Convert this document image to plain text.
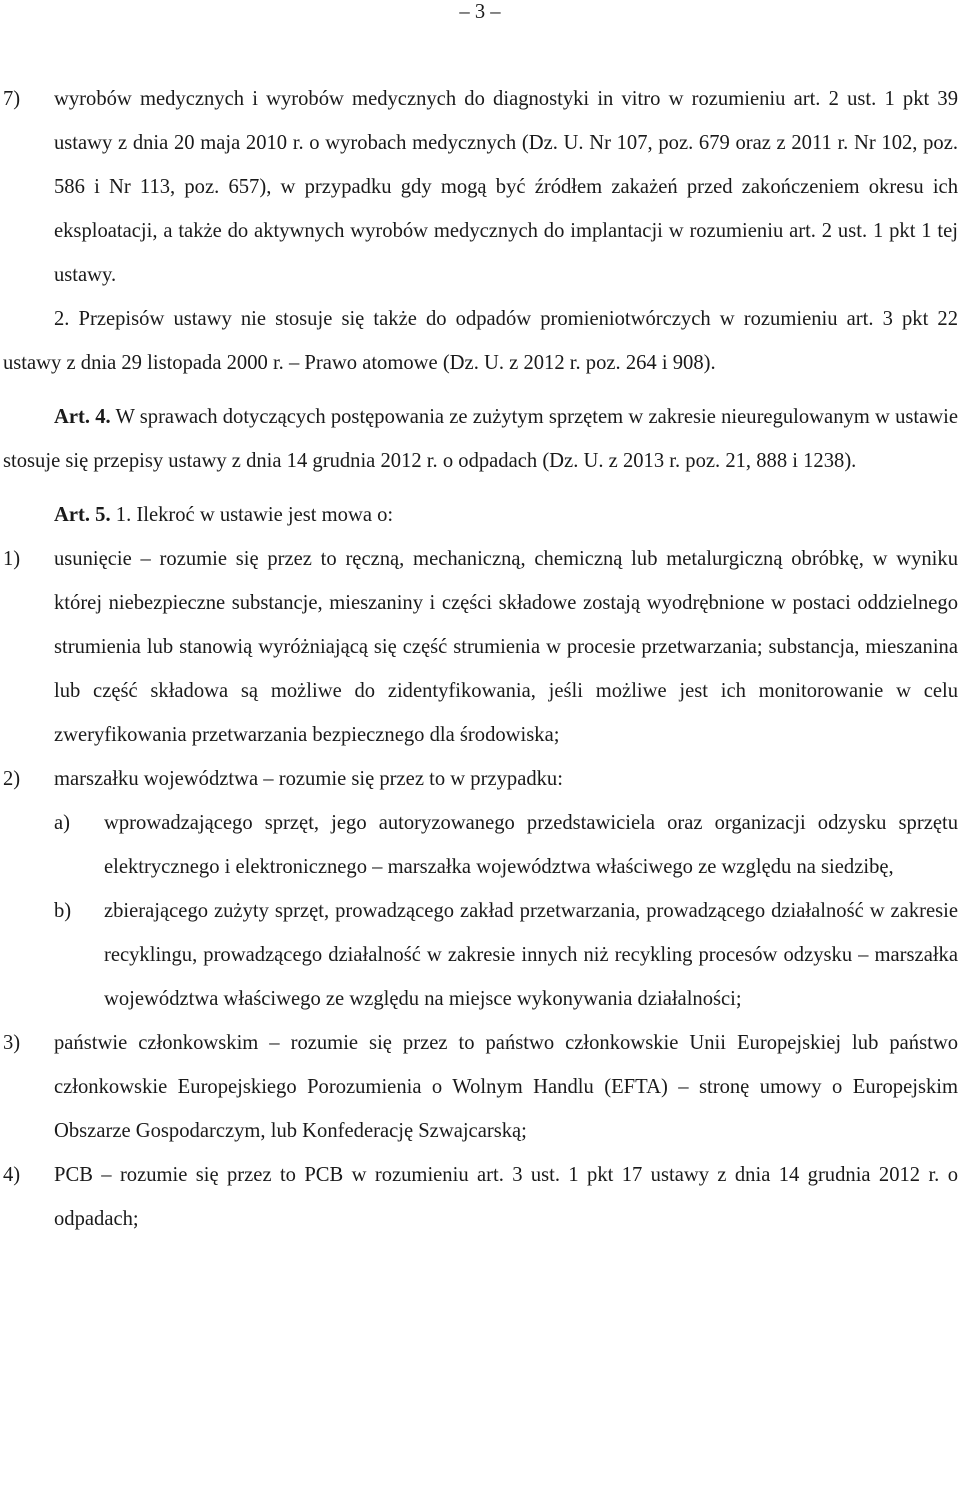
– 3 –
7)	wyrobów medycznych i wyrobów medycznych do diagnostyki in vitro w rozumieniu art. 2 ust. 1 pkt 39 ustawy z dnia 20 maja 2010 r. o wyrobach medycznych (Dz. U. Nr 107, poz. 679 oraz z 2011 r. Nr 102, poz. 586 i Nr 113, poz. 657), w przypadku gdy mogą być źródłem zakażeń przed zakończeniem okresu ich eksploatacji, a także do aktywnych wyrobów medycznych do implantacji w rozumieniu art. 2 ust. 1 pkt 1 tej ustawy.

2. Przepisów ustawy nie stosuje się także do odpadów promieniotwórczych w rozumieniu art. 3 pkt 22 ustawy z dnia 29 listopada 2000 r. – Prawo atomowe (Dz. U. z 2012 r. poz. 264 i 908).

Art. 4. W sprawach dotyczących postępowania ze zużytym sprzętem w zakresie nieuregulowanym w ustawie stosuje się przepisy ustawy z dnia 14 grudnia 2012 r. o odpadach (Dz. U. z 2013 r. poz. 21, 888 i 1238).

Art. 5. 1. Ilekroć w ustawie jest mowa o:

1)	usunięcie – rozumie się przez to ręczną, mechaniczną, chemiczną lub metalurgiczną obróbkę, w wyniku której niebezpieczne substancje, mieszaniny i części składowe zostają wyodrębnione w postaci oddzielnego strumienia lub stanowią wyróżniającą się część strumienia w procesie przetwarzania; substancja, mieszanina lub część składowa są możliwe do zidentyfikowania, jeśli możliwe jest ich monitorowanie w celu zweryfikowania przetwarzania bezpiecznego dla środowiska;
2)	marszałku województwa – rozumie się przez to w przypadku:
a)	wprowadzającego sprzęt, jego autoryzowanego przedstawiciela oraz organizacji odzysku sprzętu elektrycznego i elektronicznego – marszałka województwa właściwego ze względu na siedzibę,
b)	zbierającego zużyty sprzęt, prowadzącego zakład przetwarzania, prowadzącego działalność w zakresie recyklingu, prowadzącego działalność w zakresie innych niż recykling procesów odzysku – marszałka województwa właściwego ze względu na miejsce wykonywania działalności;
3)	państwie członkowskim – rozumie się przez to państwo członkowskie Unii Europejskiej lub państwo członkowskie Europejskiego Porozumienia o Wolnym Handlu (EFTA) – stronę umowy o Europejskim Obszarze Gospodarczym, lub Konfederację Szwajcarską;
4)	PCB – rozumie się przez to PCB w rozumieniu art. 3 ust. 1 pkt 17 ustawy z dnia 14 grudnia 2012 r. o odpadach;
